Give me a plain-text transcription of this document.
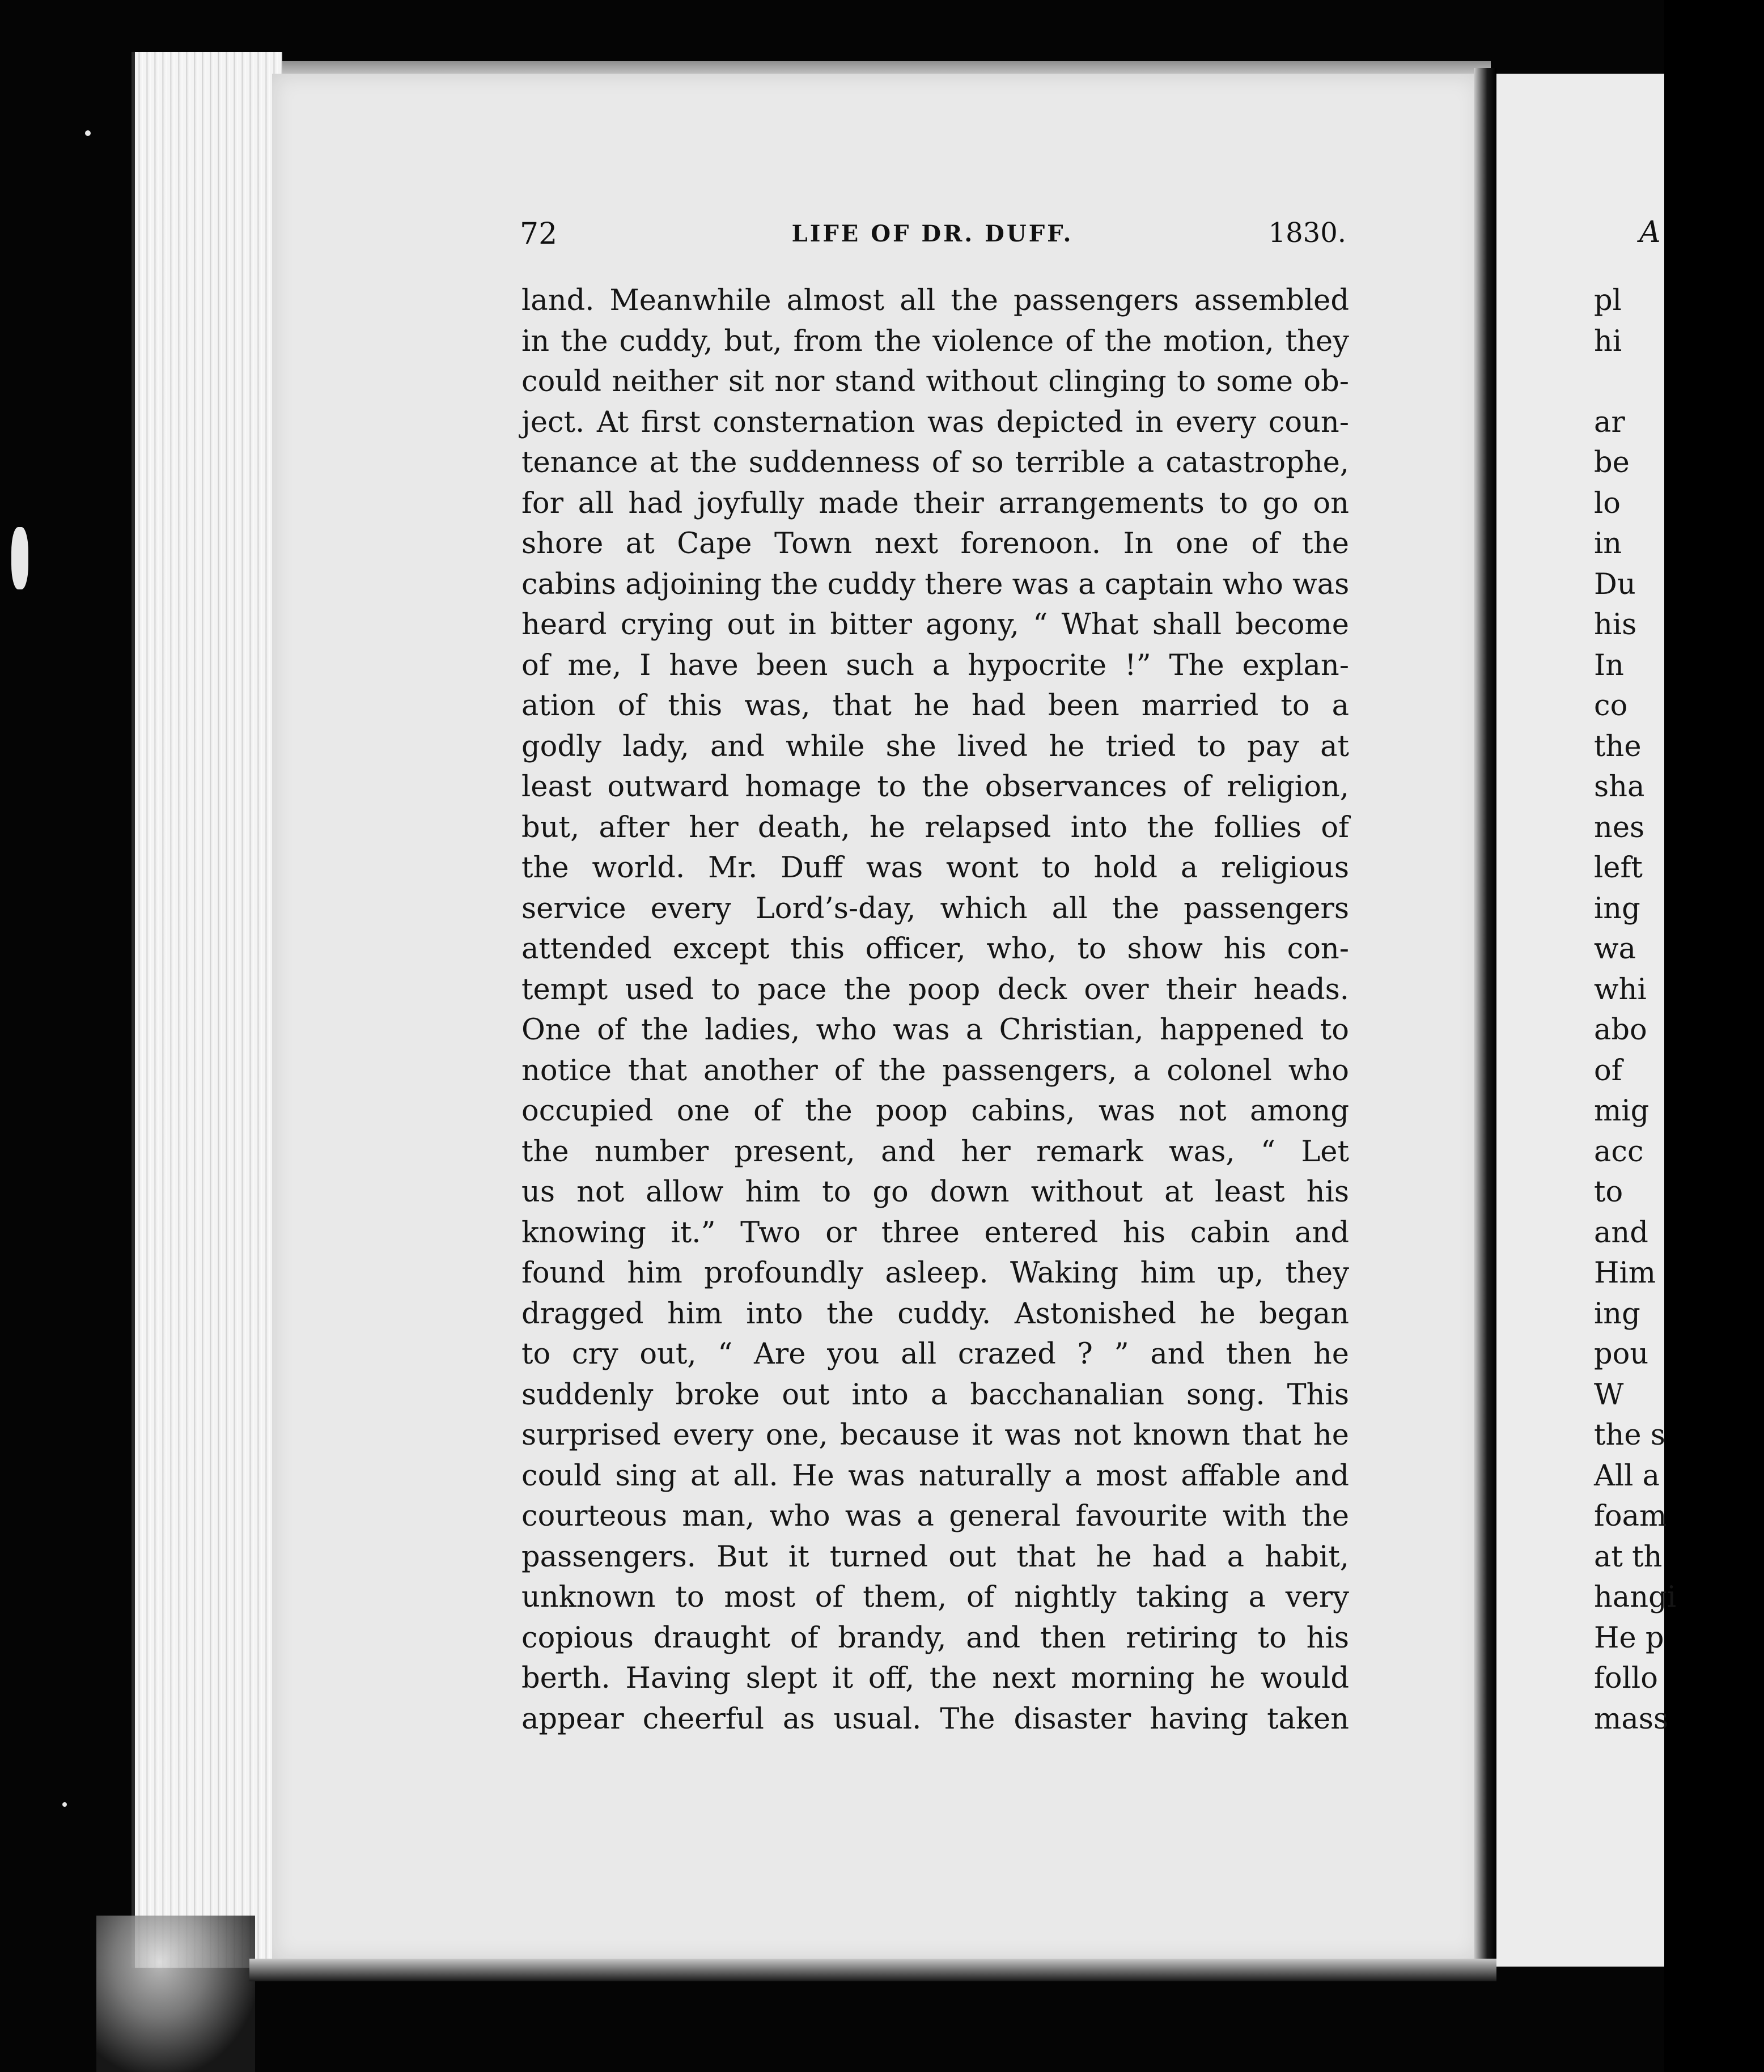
72	LIFE OF DR. DUFF.	1830.
land. Meanwhile almost all the passengers assembled
in the cuddy, but, from the violence of the motion, they
could neither sit nor stand without clinging to some ob-
ject. At first consternation was depicted in every coun-
tenance at the suddenness of so terrible a catastrophe,
for all had joyfully made their arrangements to go on
shore at Cape Town next forenoon. In one of the
cabins adjoining the cuddy there was a captain who was
heard crying out in bitter agony, “ What shall become
of me, I have been such a hypocrite !” The explan-
ation of this was, that he had been married to a
godly lady, and while she lived he tried to pay at
least outward homage to the observances of religion,
but, after her death, he relapsed into the follies of
the world. Mr. Duff was wont to hold a religious
service every Lord’s-day, which all the passengers
attended except this officer, who, to show his con-
tempt used to pace the poop deck over their heads.
One of the ladies, who was a Christian, happened to
notice that another of the passengers, a colonel who
occupied one of the poop cabins, was not among
the number present, and her remark was, “ Let
us not allow him to go down without at least his
knowing it.” Two or three entered his cabin and
found him profoundly asleep. Waking him up, they
dragged him into the cuddy. Astonished he began
to cry out, “ Are you all crazed ? ” and then he
suddenly broke out into a bacchanalian song. This
surprised every one, because it was not known that he
could sing at all. He was naturally a most affable and
courteous man, who was a general favourite with the
passengers. But it turned out that he had a habit,
unknown to most of them, of nightly taking a very
copious draught of brandy, and then retiring to his
berth. Having slept it off, the next morning he would
appear cheerful as usual. The disaster having taken
A
pl
hi
ar
be
lo
in
Du
his
In
co
the
sha
nes
left
ing
wa
whi
abo
of
mig
acc
to
and
Him
ing
pou
W
the s
All a
foam
at th
hangi
He p
follo
mass
